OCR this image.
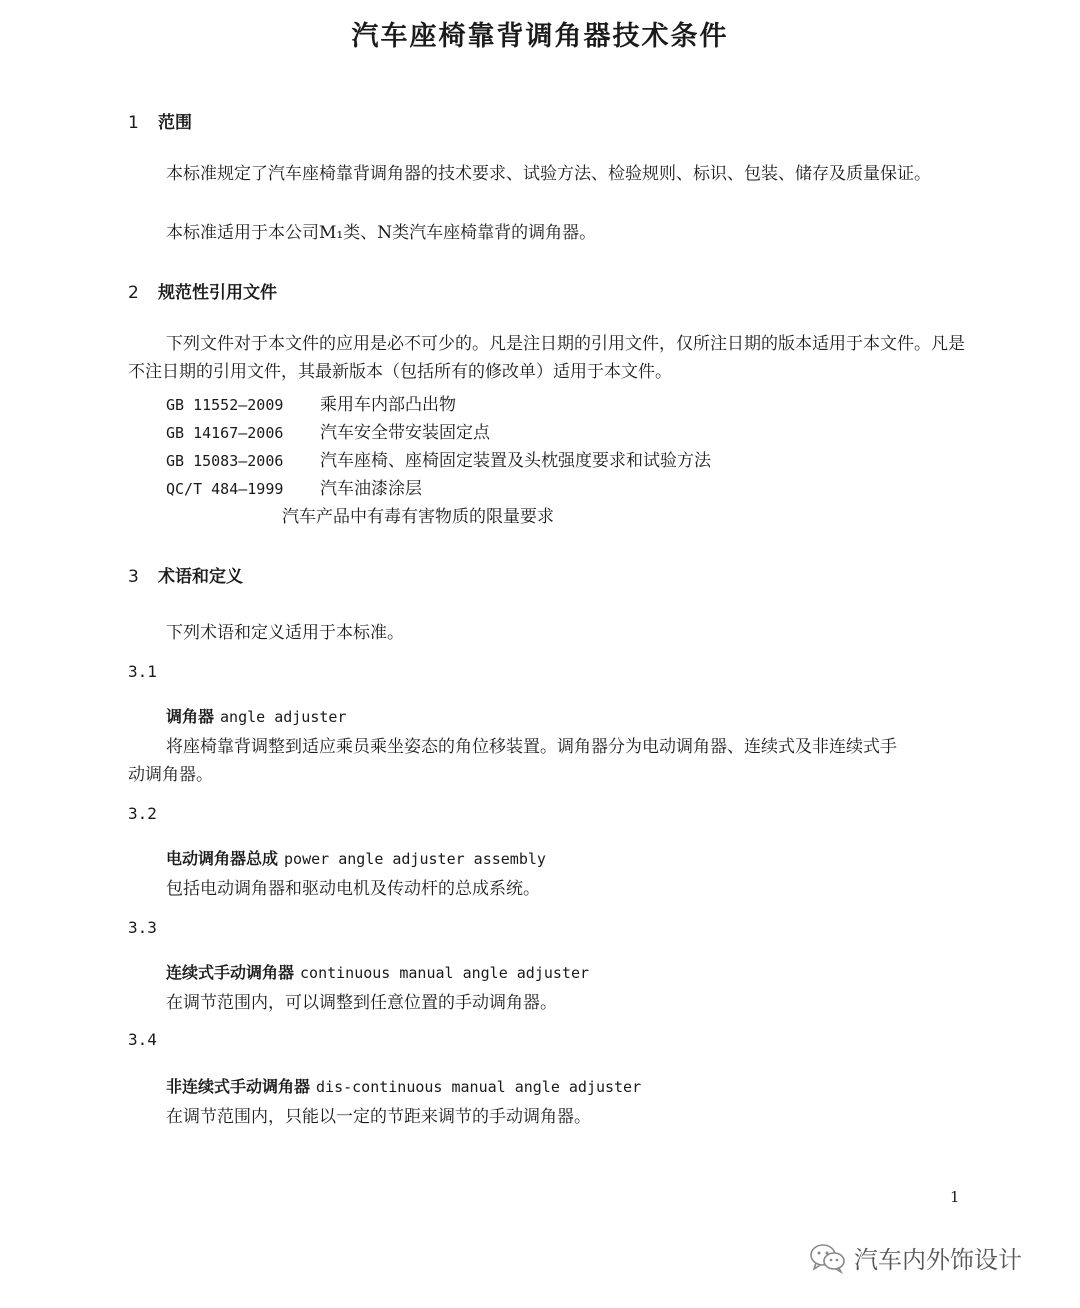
汽车座椅靠背调角器技术条件
1 范围
本标准规定了汽车座椅靠背调角器的技术要求、试验方法、检验规则、标识、包装、储存及质量保证。
本标准适用于本公司M₁类、N类汽车座椅靠背的调角器。
2 规范性引用文件
下列文件对于本文件的应用是必不可少的。凡是注日期的引用文件，仅所注日期的版本适用于本文件。凡是不注日期的引用文件，其最新版本（包括所有的修改单）适用于本文件。
GB 11552—2009 乘用车内部凸出物
GB 14167—2006 汽车安全带安装固定点
GB 15083—2006 汽车座椅、座椅固定装置及头枕强度要求和试验方法
QC/T 484—1999 汽车油漆涂层
汽车产品中有毒有害物质的限量要求
3 术语和定义
下列术语和定义适用于本标准。
3.1
调角器 angle adjuster
将座椅靠背调整到适应乘员乘坐姿态的角位移装置。调角器分为电动调角器、连续式及非连续式手
动调角器。
3.2
电动调角器总成 power angle adjuster assembly
包括电动调角器和驱动电机及传动杆的总成系统。
3.3
连续式手动调角器 continuous manual angle adjuster
在调节范围内，可以调整到任意位置的手动调角器。
3.4
非连续式手动调角器 dis-continuous manual angle adjuster
在调节范围内，只能以一定的节距来调节的手动调角器。
1
汽车内外饰设计
